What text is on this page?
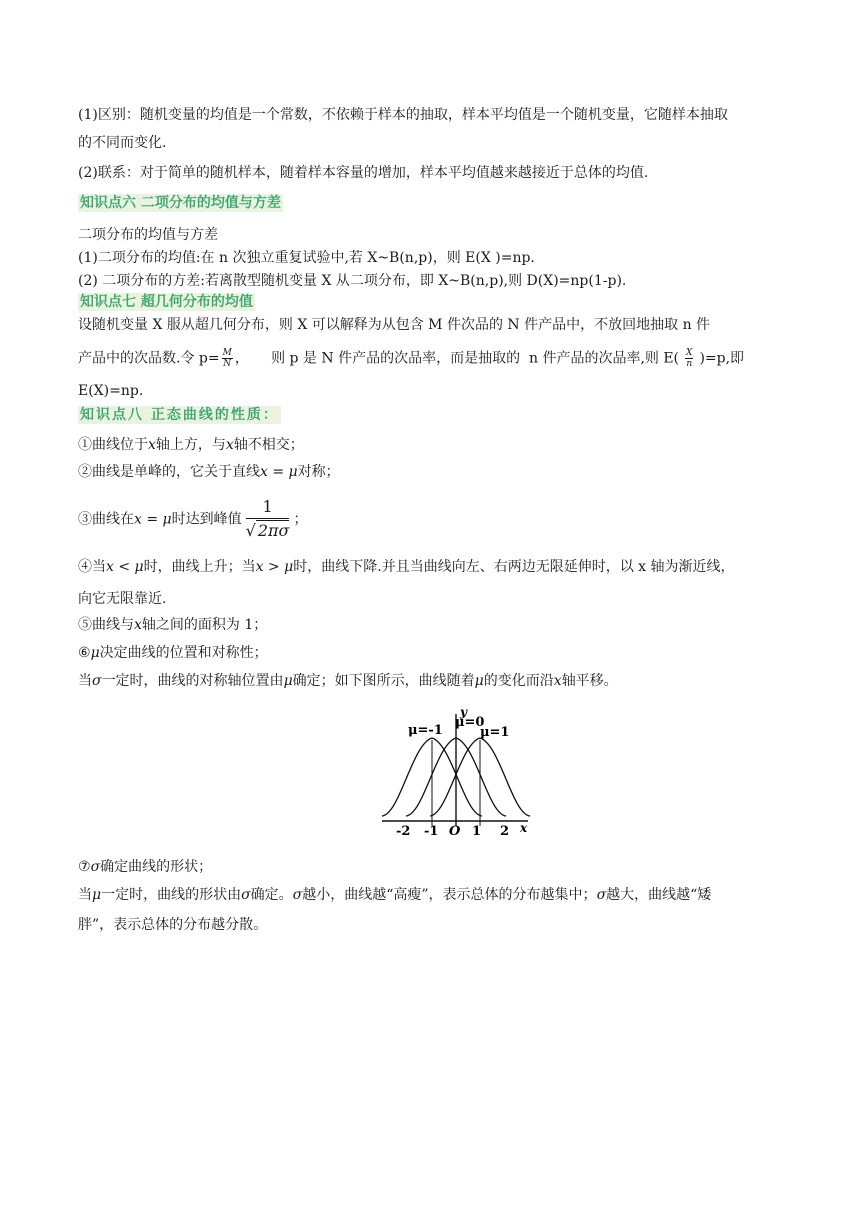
(1)区别：随机变量的均值是一个常数，不依赖于样本的抽取，样本平均值是一个随机变量，它随样本抽取
的不同而变化.
(2)联系：对于简单的随机样本，随着样本容量的增加，样本平均值越来越接近于总体的均值.
知识点六 二项分布的均值与方差
二项分布的均值与方差
(1)二项分布的均值:在 n 次独立重复试验中,若 X~B(n,p)，则 E(X )=np.
(2) 二项分布的方差:若离散型随机变量 X 从二项分布，即 X~B(n,p),则 D(X)=np(1-p).
知识点七 超几何分布的均值
设随机变量 X 服从超几何分布，则 X 可以解释为从包含 M 件次品的 N 件产品中，不放回地抽取 n 件
产品中的次品数.令 $p= \frac{M}{N}$ ，     则 p 是 N 件产品的次品率，而是抽取的  n 件产品的次品率,则 $E( \frac{X}{n} )=p$,即
E(X)=np.
知识点八 正态曲线的性质：
①曲线位于x轴上方，与x轴不相交；
②曲线是单峰的，它关于直线x = μ对称；
③曲线在x = μ时达到峰值 $\frac{1}{√ 2\pi\sigma}$ ；
④当x < μ时，曲线上升；当x > μ时，曲线下降.并且当曲线向左、右两边无限延伸时，以 x 轴为渐近线，
向它无限靠近.
⑤曲线与x轴之间的面积为 1；
⑥μ决定曲线的位置和对称性；
当σ一定时，曲线的对称轴位置由μ确定；如下图所示，曲线随着μ的变化而沿x轴平移。
μ=-1
μ=0
μ=1
y
x
-2 -1 O 1 2
⑦σ确定曲线的形状；
当μ一定时，曲线的形状由σ确定。σ越小，曲线越“高瘦”，表示总体的分布越集中；σ越大，曲线越“矮
胖”，表示总体的分布越分散。
